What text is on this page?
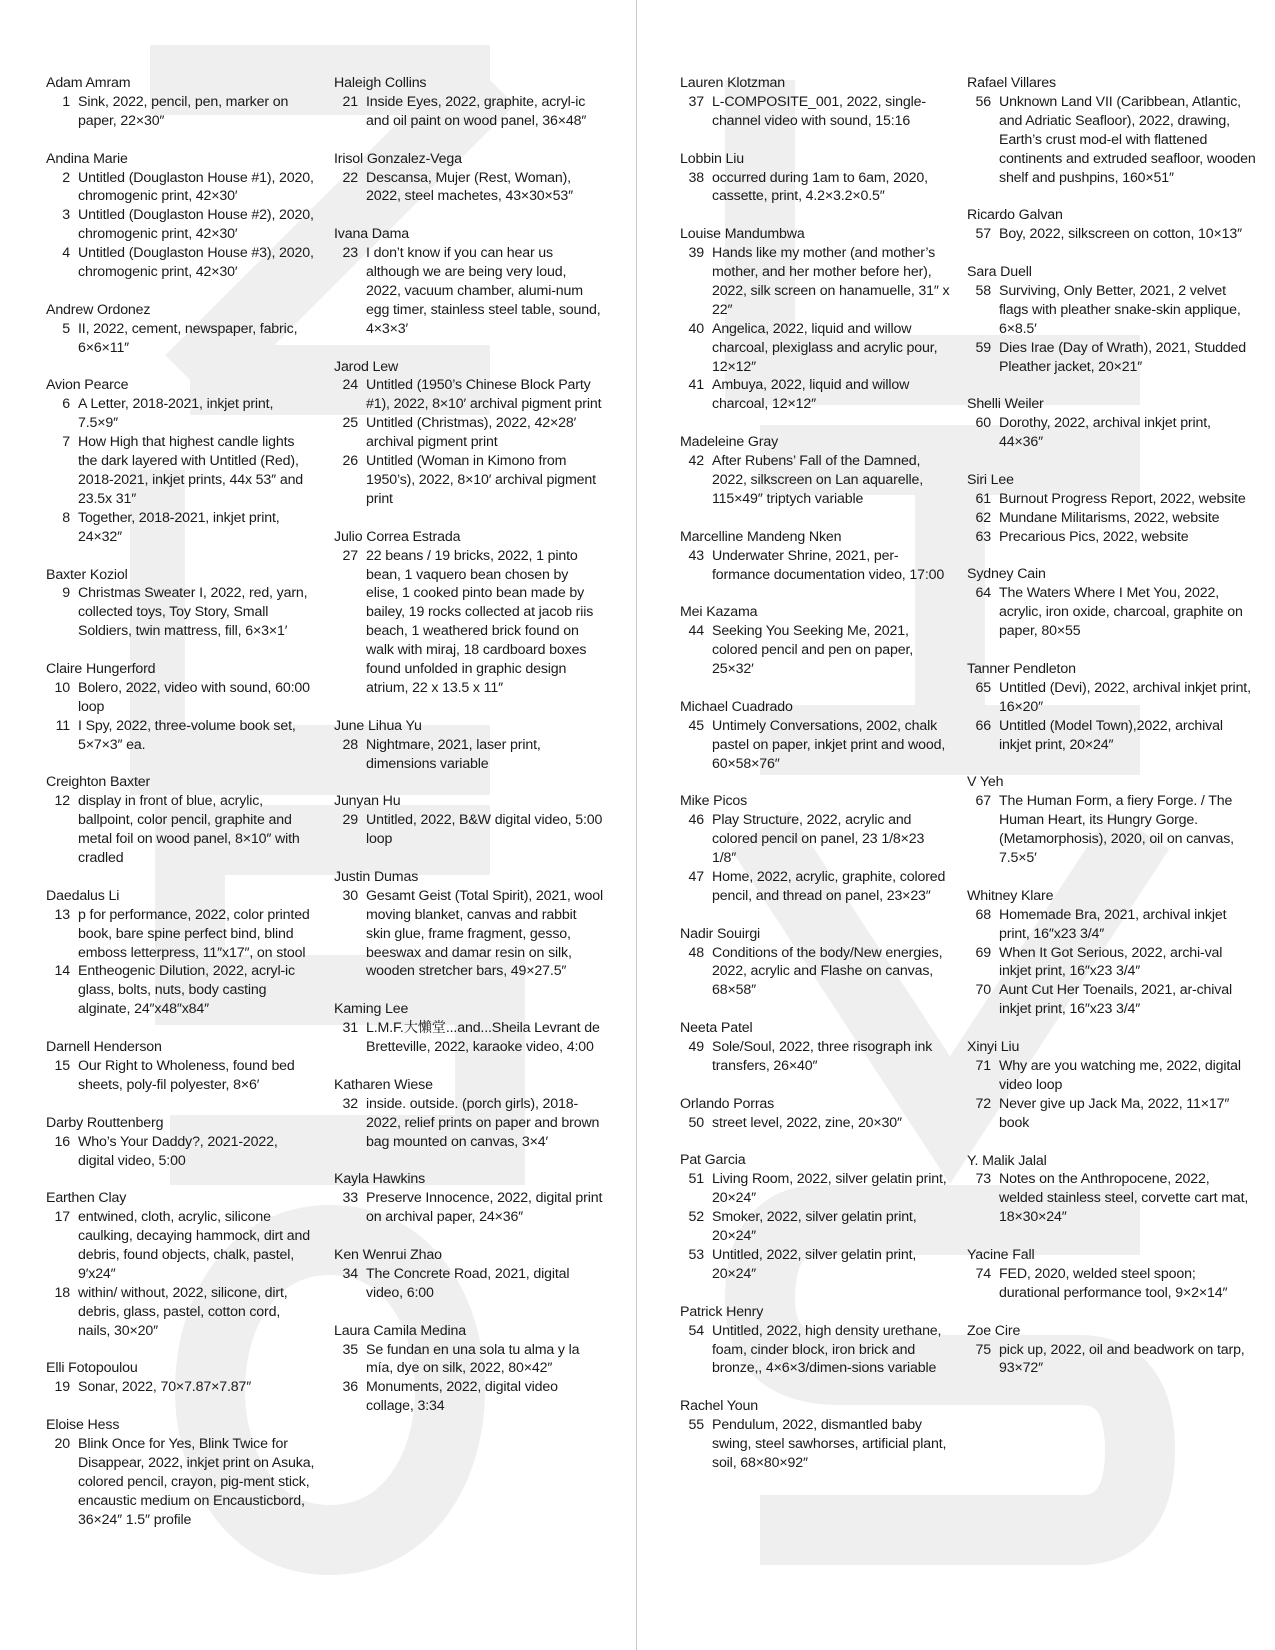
Adam Amram
1 Sink, 2022, pencil, pen, marker on paper, 22×30″
Andina Marie
2 Untitled (Douglaston House #1), 2020, chromogenic print, 42×30′
3 Untitled (Douglaston House #2), 2020, chromogenic print, 42×30′
4 Untitled (Douglaston House #3), 2020, chromogenic print, 42×30′
Andrew Ordonez
5 II, 2022, cement, newspaper, fabric, 6×6×11″
Avion Pearce
6 A Letter, 2018-2021, inkjet print, 7.5×9″
7 How High that highest candle lights the dark layered with Untitled (Red), 2018-2021, inkjet prints, 44x 53″ and 23.5x 31″
8 Together, 2018-2021, inkjet print, 24×32″
Baxter Koziol
9 Christmas Sweater I, 2022, red, yarn, collected toys, Toy Story, Small Soldiers, twin mattress, fill, 6×3×1′
Claire Hungerford
10 Bolero, 2022, video with sound, 60:00 loop
11 I Spy, 2022, three-volume book set, 5×7×3″ ea.
Creighton Baxter
12 display in front of blue, acrylic, ballpoint, color pencil, graphite and metal foil on wood panel, 8×10″ with cradled
Daedalus Li
13 p for performance, 2022, color printed book, bare spine perfect bind, blind emboss letterpress, 11″x17″, on stool
14 Entheogenic Dilution, 2022, acryl-ic glass, bolts, nuts, body casting alginate, 24″x48″x84″
Darnell Henderson
15 Our Right to Wholeness, found bed sheets, poly-fil polyester, 8×6′
Darby Routtenberg
16 Who’s Your Daddy?, 2021-2022, digital video, 5:00
Earthen Clay
17 entwined, cloth, acrylic, silicone caulking, decaying hammock, dirt and debris, found objects, chalk, pastel, 9′x24″
18 within/ without, 2022, silicone, dirt, debris, glass, pastel, cotton cord, nails, 30×20″
Elli Fotopoulou
19 Sonar, 2022, 70×7.87×7.87″
Eloise Hess
20 Blink Once for Yes, Blink Twice for Disappear, 2022, inkjet print on Asuka, colored pencil, crayon, pig-ment stick, encaustic medium on Encausticbord, 36×24″ 1.5″ profile
Haleigh Collins
21 Inside Eyes, 2022, graphite, acryl-ic and oil paint on wood panel, 36×48″
Irisol Gonzalez-Vega
22 Descansa, Mujer (Rest, Woman), 2022, steel machetes, 43×30×53″
Ivana Dama
23 I don’t know if you can hear us although we are being very loud, 2022, vacuum chamber, alumi-num egg timer, stainless steel table, sound, 4×3×3′
Jarod Lew
24 Untitled (1950’s Chinese Block Party #1), 2022, 8×10′ archival pigment print
25 Untitled (Christmas), 2022, 42×28′ archival pigment print
26 Untitled (Woman in Kimono from 1950’s), 2022, 8×10′ archival pigment print
Julio Correa Estrada
27 22 beans / 19 bricks, 2022, 1 pinto bean, 1 vaquero bean chosen by elise, 1 cooked pinto bean made by bailey, 19 rocks collected at jacob riis beach, 1 weathered brick found on walk with miraj, 18 cardboard boxes found unfolded in graphic design atrium, 22 x 13.5 x 11″
June Lihua Yu
28 Nightmare, 2021, laser print, dimensions variable
Junyan Hu
29 Untitled, 2022, B&W digital video, 5:00 loop
Justin Dumas
30 Gesamt Geist (Total Spirit), 2021, wool moving blanket, canvas and rabbit skin glue, frame fragment, gesso, beeswax and damar resin on silk, wooden stretcher bars, 49×27.5″
Kaming Lee
31 L.M.F.大懶堂...and...Sheila Levrant de Bretteville, 2022, karaoke video, 4:00
Katharen Wiese
32 inside. outside. (porch girls), 2018-2022, relief prints on paper and brown bag mounted on canvas, 3×4′
Kayla Hawkins
33 Preserve Innocence, 2022, digital print on archival paper, 24×36″
Ken Wenrui Zhao
34 The Concrete Road, 2021, digital video, 6:00
Laura Camila Medina
35 Se fundan en una sola tu alma y la mía, dye on silk, 2022, 80×42″
36 Monuments, 2022, digital video collage, 3:34
Lauren Klotzman
37 L-COMPOSITE_001, 2022, single-channel video with sound, 15:16
Lobbin Liu
38 occurred during 1am to 6am, 2020, cassette, print, 4.2×3.2×0.5″
Louise Mandumbwa
39 Hands like my mother (and mother’s mother, and her mother before her), 2022, silk screen on hanamuelle, 31″ x 22″
40 Angelica, 2022, liquid and willow charcoal, plexiglass and acrylic pour, 12×12″
41 Ambuya, 2022, liquid and willow charcoal, 12×12″
Madeleine Gray
42 After Rubens’ Fall of the Damned, 2022, silkscreen on Lan aquarelle, 115×49″ triptych variable
Marcelline Mandeng Nken
43 Underwater Shrine, 2021, per-formance documentation video, 17:00
Mei Kazama
44 Seeking You Seeking Me, 2021, colored pencil and pen on paper, 25×32′
Michael Cuadrado
45 Untimely Conversations, 2002, chalk pastel on paper, inkjet print and wood, 60×58×76″
Mike Picos
46 Play Structure, 2022, acrylic and colored pencil on panel, 23 1/8×23 1/8″
47 Home, 2022, acrylic, graphite, colored pencil, and thread on panel, 23×23″
Nadir Souirgi
48 Conditions of the body/New energies, 2022, acrylic and Flashe on canvas, 68×58″
Neeta Patel
49 Sole/Soul, 2022, three risograph ink transfers, 26×40″
Orlando Porras
50 street level, 2022, zine, 20×30″
Pat Garcia
51 Living Room, 2022, silver gelatin print, 20×24″
52 Smoker, 2022, silver gelatin print, 20×24″
53 Untitled, 2022, silver gelatin print, 20×24″
Patrick Henry
54 Untitled, 2022, high density urethane, foam, cinder block, iron brick and bronze,, 4×6×3/dimen-sions variable
Rachel Youn
55 Pendulum, 2022, dismantled baby swing, steel sawhorses, artificial plant, soil, 68×80×92″
Rafael Villares
56 Unknown Land VII (Caribbean, Atlantic, and Adriatic Seafloor), 2022, drawing, Earth’s crust mod-el with flattened continents and extruded seafloor, wooden shelf and pushpins, 160×51″
Ricardo Galvan
57 Boy, 2022, silkscreen on cotton, 10×13″
Sara Duell
58 Surviving, Only Better, 2021, 2 velvet flags with pleather snake-skin applique, 6×8.5′
59 Dies Irae (Day of Wrath), 2021, Studded Pleather jacket, 20×21″
Shelli Weiler
60 Dorothy, 2022, archival inkjet print, 44×36″
Siri Lee
61 Burnout Progress Report, 2022, website
62 Mundane Militarisms, 2022, website
63 Precarious Pics, 2022, website
Sydney Cain
64 The Waters Where I Met You, 2022, acrylic, iron oxide, charcoal, graphite on paper, 80×55
Tanner Pendleton
65 Untitled (Devi), 2022, archival inkjet print, 16×20″
66 Untitled (Model Town),2022, archival inkjet print, 20×24″
V Yeh
67 The Human Form, a fiery Forge. / The Human Heart, its Hungry Gorge. (Metamorphosis), 2020, oil on canvas, 7.5×5′
Whitney Klare
68 Homemade Bra, 2021, archival inkjet print, 16″x23 3/4″
69 When It Got Serious, 2022, archi-val inkjet print, 16″x23 3/4″
70 Aunt Cut Her Toenails, 2021, ar-chival inkjet print, 16″x23 3/4″
Xinyi Liu
71 Why are you watching me, 2022, digital video loop
72 Never give up Jack Ma, 2022, 11×17″ book
Y. Malik Jalal
73 Notes on the Anthropocene, 2022, welded stainless steel, corvette cart mat, 18×30×24″
Yacine Fall
74 FED, 2020, welded steel spoon; durational performance tool, 9×2×14″
Zoe Cire
75 pick up, 2022, oil and beadwork on tarp, 93×72″
